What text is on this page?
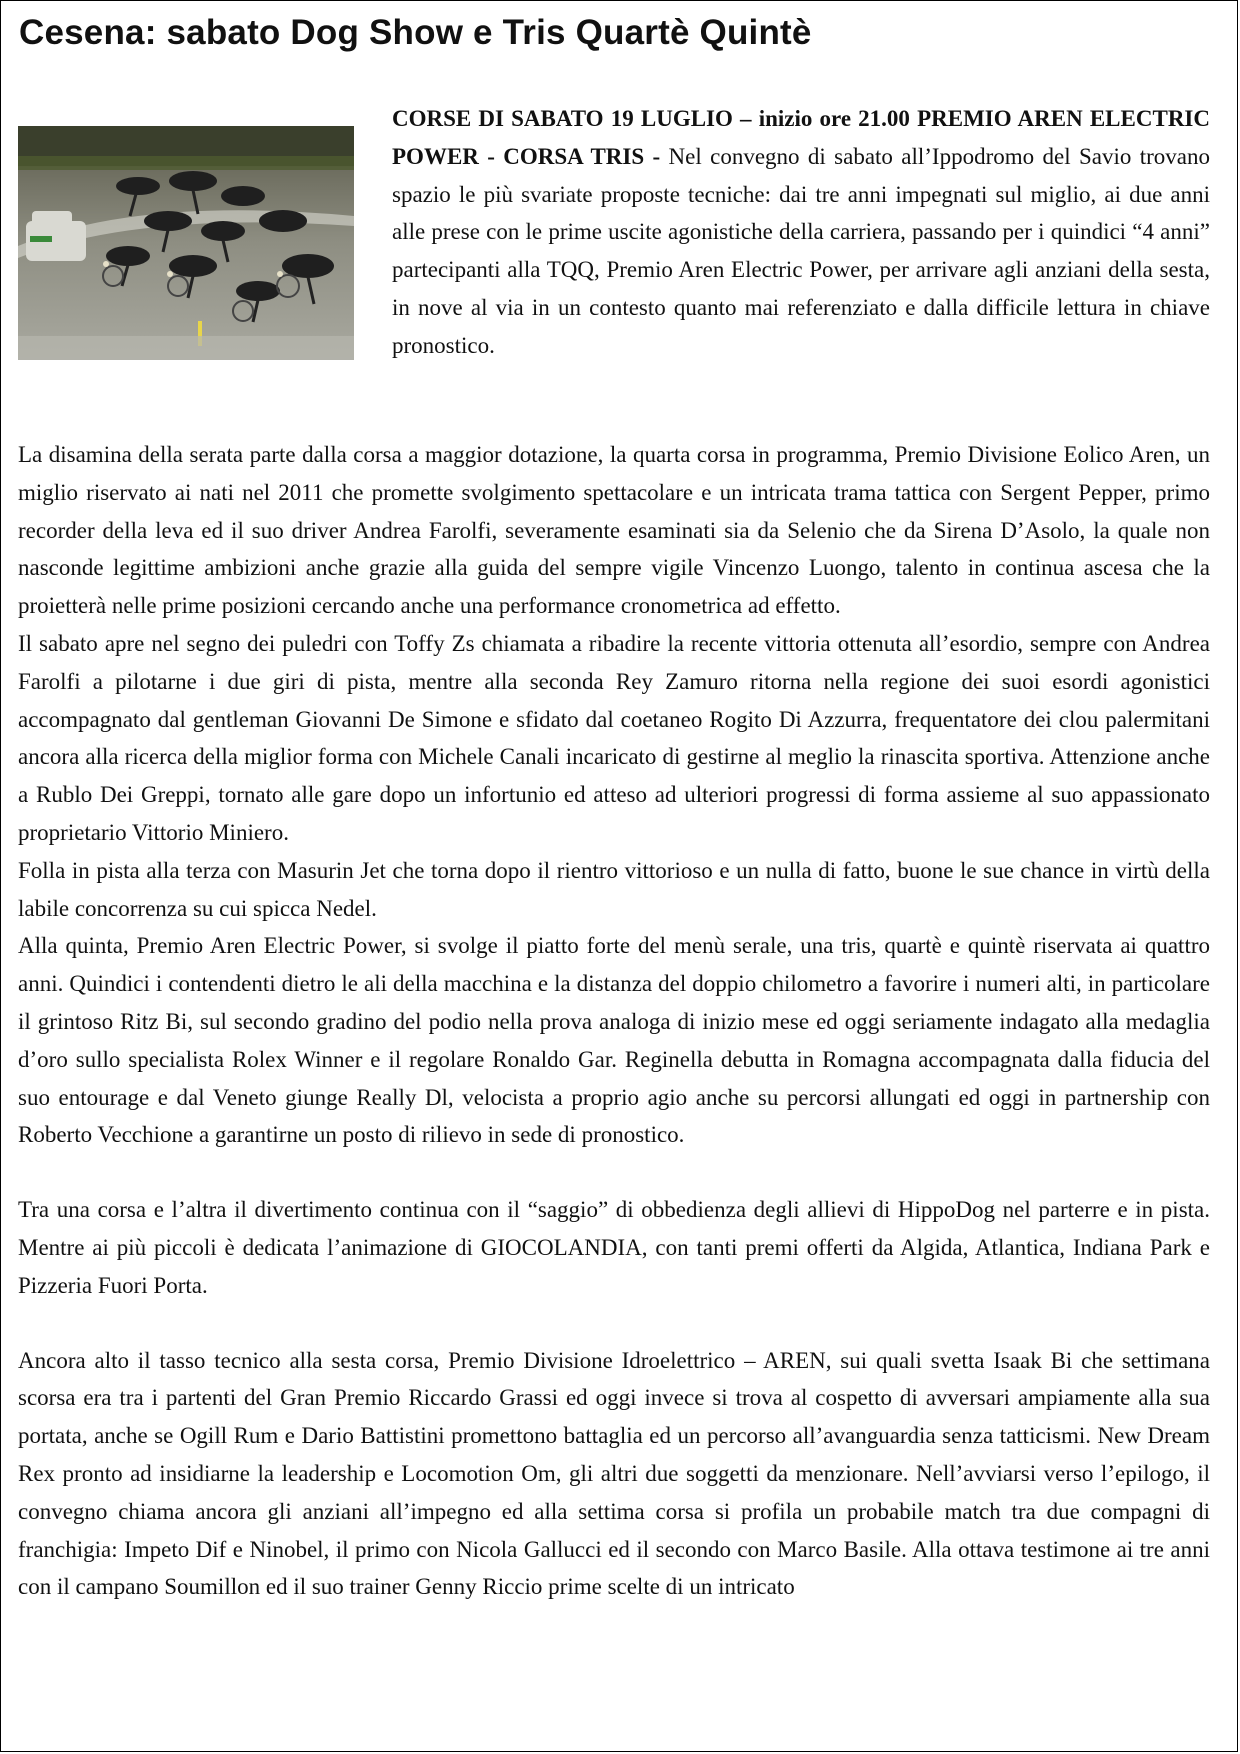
Cesena: sabato Dog Show e Tris Quartè Quintè

CORSE DI SABATO 19 LUGLIO – inizio ore 21.00 PREMIO AREN ELECTRIC POWER - CORSA TRIS - Nel convegno di sabato all’Ippodromo del Savio trovano spazio le più svariate proposte tecniche: dai tre anni impegnati sul miglio, ai due anni alle prese con le prime uscite agonistiche della carriera, passando per i quindici “4 anni” partecipanti alla TQQ, Premio Aren Electric Power, per arrivare agli anziani della sesta, in nove al via in un contesto quanto mai referenziato e dalla difficile lettura in chiave pronostico.

La disamina della serata parte dalla corsa a maggior dotazione, la quarta corsa in programma, Premio Divisione Eolico Aren, un miglio riservato ai nati nel 2011 che promette svolgimento spettacolare e un intricata trama tattica con Sergent Pepper, primo recorder della leva ed il suo driver Andrea Farolfi, severamente esaminati sia da Selenio che da Sirena D’Asolo, la quale non nasconde legittime ambizioni anche grazie alla guida del sempre vigile Vincenzo Luongo, talento in continua ascesa che la proietterà nelle prime posizioni cercando anche una performance cronometrica ad effetto.

Il sabato apre nel segno dei puledri con Toffy Zs chiamata a ribadire la recente vittoria ottenuta all’esordio, sempre con Andrea Farolfi a pilotarne i due giri di pista, mentre alla seconda Rey Zamuro ritorna nella regione dei suoi esordi agonistici accompagnato dal gentleman Giovanni De Simone e sfidato dal coetaneo Rogito Di Azzurra, frequentatore dei clou palermitani ancora alla ricerca della miglior forma con Michele Canali incaricato di gestirne al meglio la rinascita sportiva. Attenzione anche a Rublo Dei Greppi, tornato alle gare dopo un infortunio ed atteso ad ulteriori progressi di forma assieme al suo appassionato proprietario Vittorio Miniero.

Folla in pista alla terza con Masurin Jet che torna dopo il rientro vittorioso e un nulla di fatto, buone le sue chance in virtù della labile concorrenza su cui spicca Nedel.

Alla quinta, Premio Aren Electric Power, si svolge il piatto forte del menù serale, una tris, quartè e quintè riservata ai quattro anni. Quindici i contendenti dietro le ali della macchina e la distanza del doppio chilometro a favorire i numeri alti, in particolare il grintoso Ritz Bi, sul secondo gradino del podio nella prova analoga di inizio mese ed oggi seriamente indagato alla medaglia d’oro sullo specialista Rolex Winner e il regolare Ronaldo Gar. Reginella debutta in Romagna accompagnata dalla fiducia del suo entourage e dal Veneto giunge Really Dl, velocista a proprio agio anche su percorsi allungati ed oggi in partnership con Roberto Vecchione a garantirne un posto di rilievo in sede di pronostico.

Tra una corsa e l’altra il divertimento continua con il “saggio” di obbedienza degli allievi di HippoDog nel parterre e in pista. Mentre ai più piccoli è dedicata l’animazione di GIOCOLANDIA, con tanti premi offerti da Algida, Atlantica, Indiana Park e Pizzeria Fuori Porta.

Ancora alto il tasso tecnico alla sesta corsa, Premio Divisione Idroelettrico – AREN, sui quali svetta Isaak Bi che settimana scorsa era tra i partenti del Gran Premio Riccardo Grassi ed oggi invece si trova al cospetto di avversari ampiamente alla sua portata, anche se Ogill Rum e Dario Battistini promettono battaglia ed un percorso all’avanguardia senza tatticismi. New Dream Rex pronto ad insidiarne la leadership e Locomotion Om, gli altri due soggetti da menzionare. Nell’avviarsi verso l’epilogo, il convegno chiama ancora gli anziani all’impegno ed alla settima corsa si profila un probabile match tra due compagni di franchigia: Impeto Dif e Ninobel, il primo con Nicola Gallucci ed il secondo con Marco Basile. Alla ottava testimone ai tre anni con il campano Soumillon ed il suo trainer Genny Riccio prime scelte di un intricato
